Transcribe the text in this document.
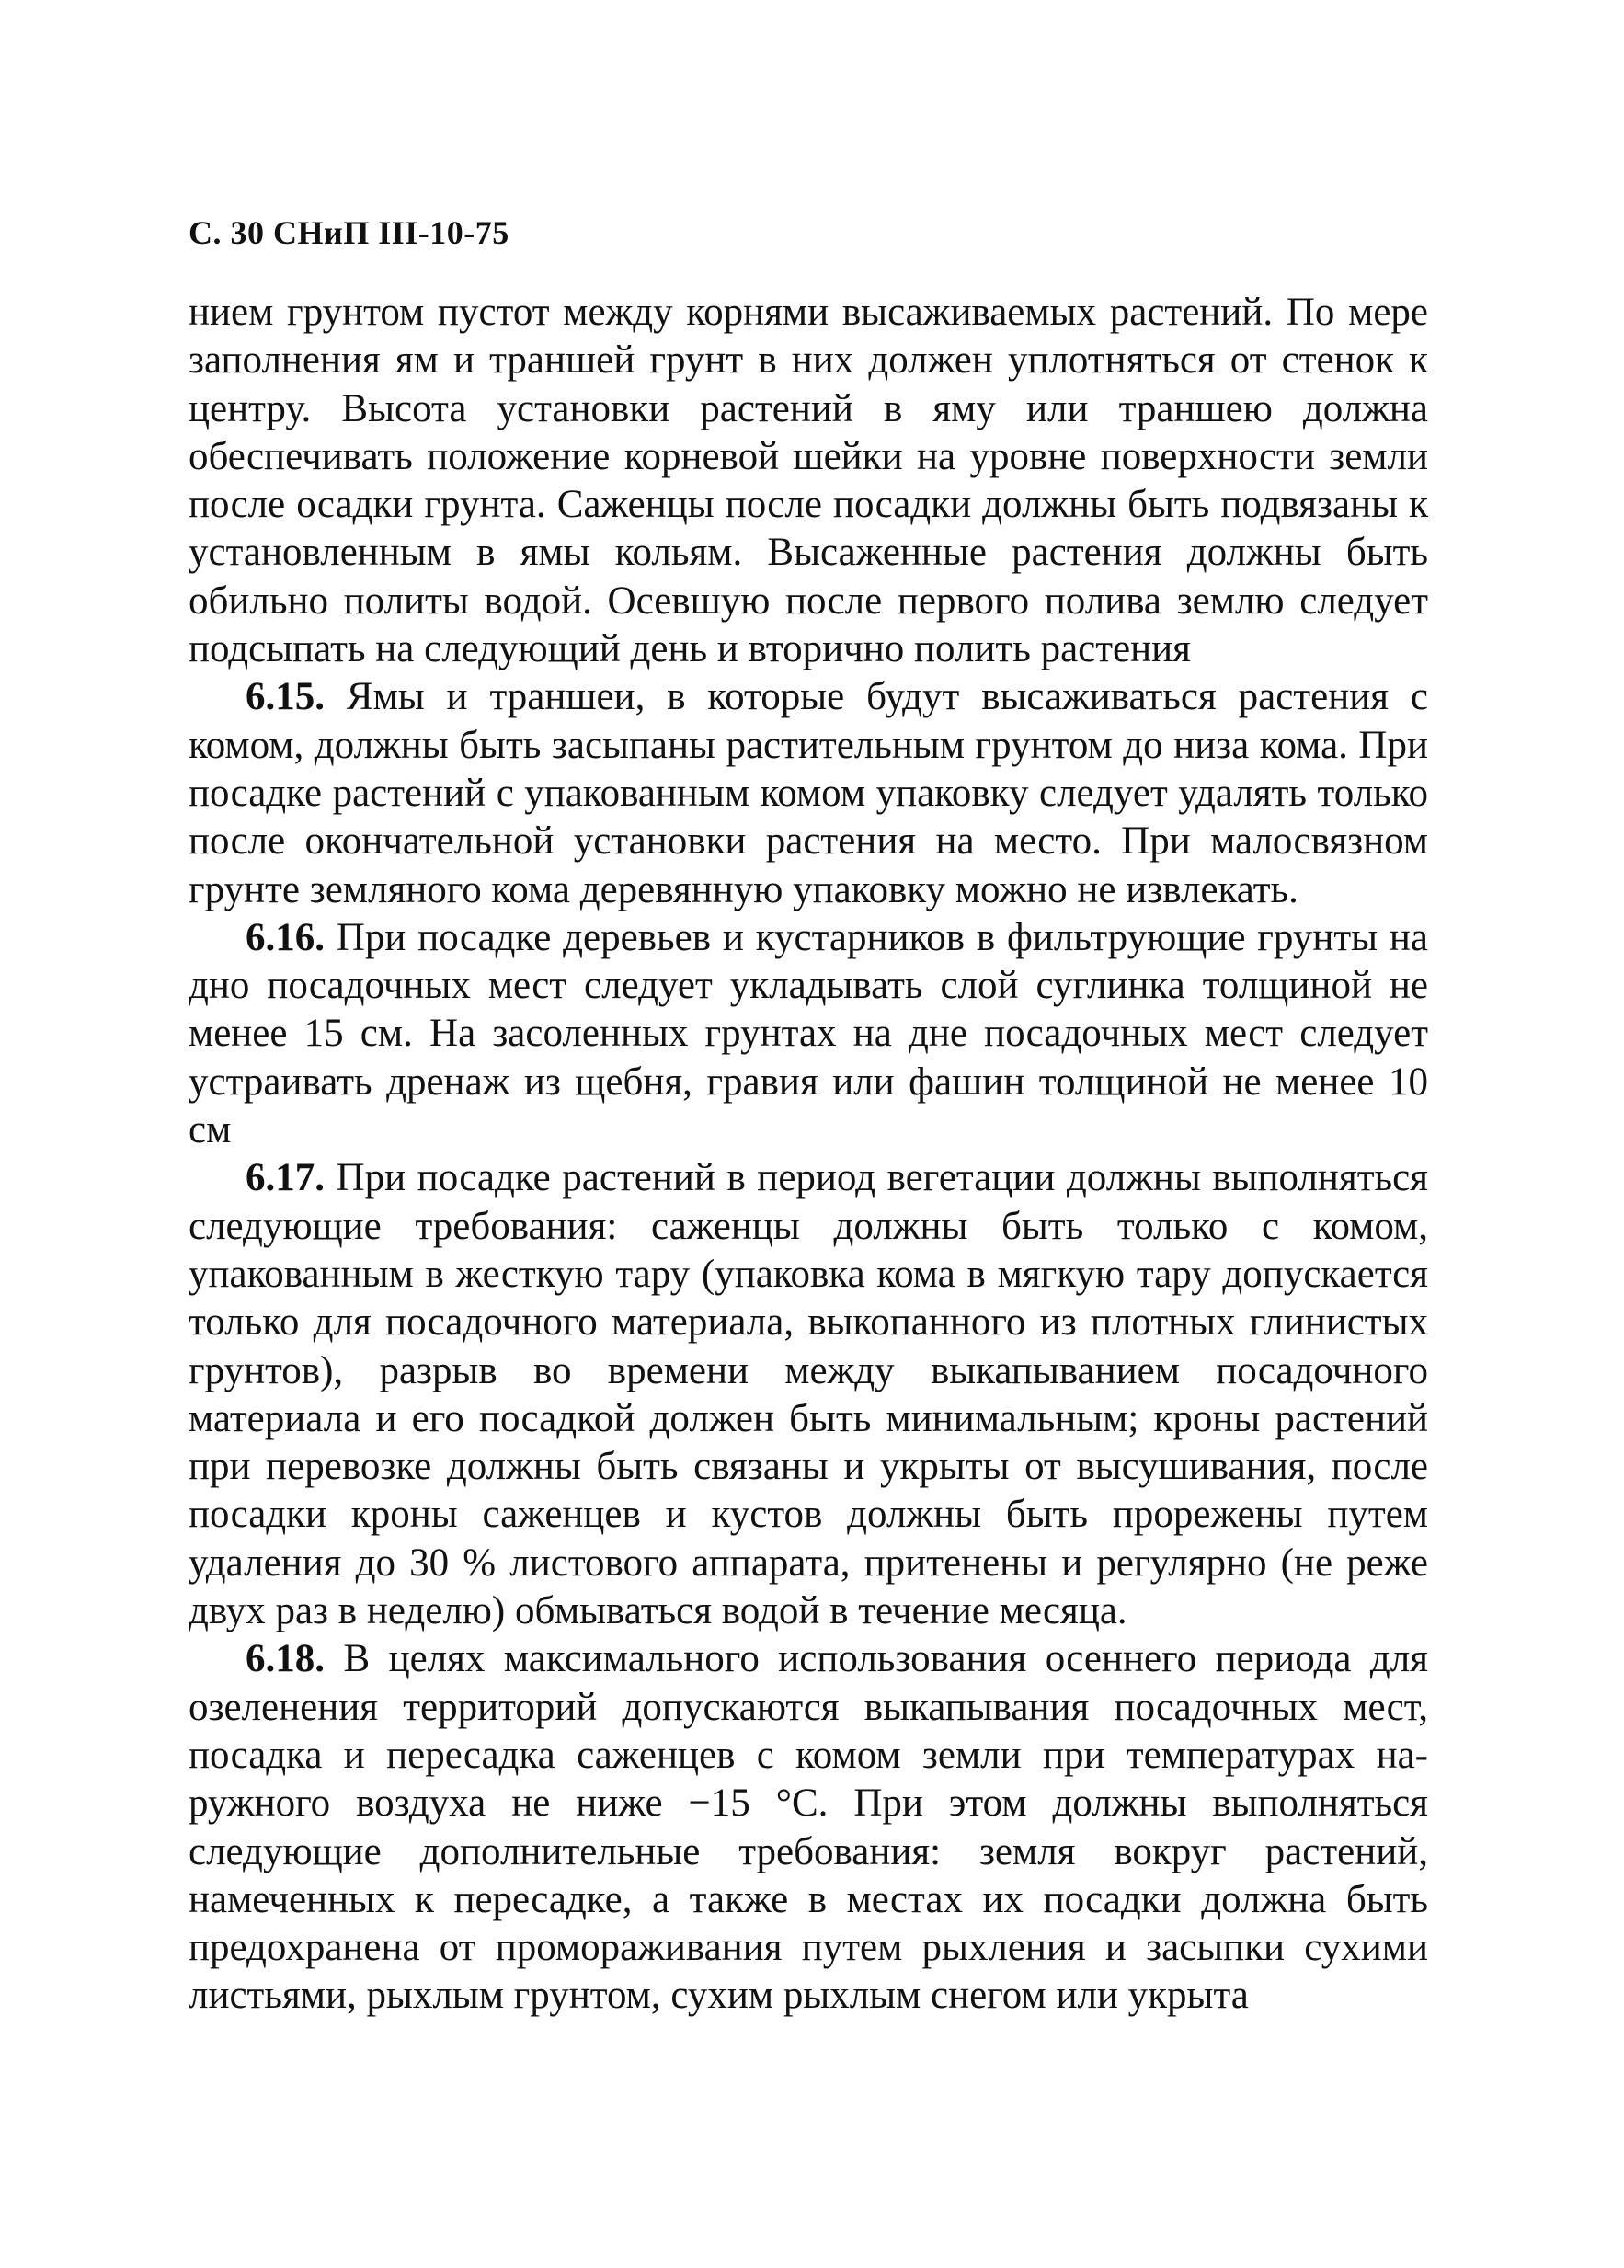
С. 30 СНиП III-10-75

нием грунтом пустот между корнями высаживаемых растений. По мере заполнения ям и траншей грунт в них должен уплотняться от стенок к центру. Высота установки растений в яму или траншею должна обеспечивать положение корневой шейки на уровне поверхности земли после осадки грунта. Саженцы после посадки должны быть подвязаны к установленным в ямы кольям. Высаженные растения должны быть обильно политы водой. Осевшую после первого полива землю следует подсыпать на следующий день и вторично полить растения

6.15. Ямы и траншеи, в которые будут высаживаться растения с комом, должны быть засыпаны растительным грунтом до низа кома. При посадке растений с упакованным комом упаковку следует удалять только после окончательной установки растения на место. При малосвязном грунте земляного кома деревянную упаковку можно не извлекать.

6.16. При посадке деревьев и кустарников в фильтрующие грунты на дно посадочных мест следует укладывать слой суглинка толщиной не менее 15 см. На засоленных грунтах на дне посадочных мест следует устраивать дренаж из щебня, гравия или фашин толщиной не менее 10 см

6.17. При посадке растений в период вегетации должны выполняться следующие требования: саженцы должны быть только с комом, упакованным в жесткую тару (упаковка кома в мягкую тару допускается только для посадочного материала, выкопанного из плотных глинистых грунтов), разрыв во времени между выкапыванием посадочного материала и его посадкой должен быть минимальным; кроны растений при перевозке должны быть связаны и укрыты от высушивания, после посадки кроны саженцев и кустов должны быть прорежены путем удаления до 30 % листового аппарата, притенены и регулярно (не реже двух раз в неделю) обмываться водой в течение месяца.

6.18. В целях максимального использования осеннего периода для озеленения территорий допускаются выкапывания посадочных мест, посадка и пересадка саженцев с комом земли при температурах наружного воздуха не ниже −15 °С. При этом должны выполняться следующие дополнительные требования: земля вокруг растений, намеченных к пересадке, а также в местах их посадки должна быть предохранена от промораживания путем рыхления и засыпки сухими листьями, рыхлым грунтом, сухим рыхлым снегом или укрыта
